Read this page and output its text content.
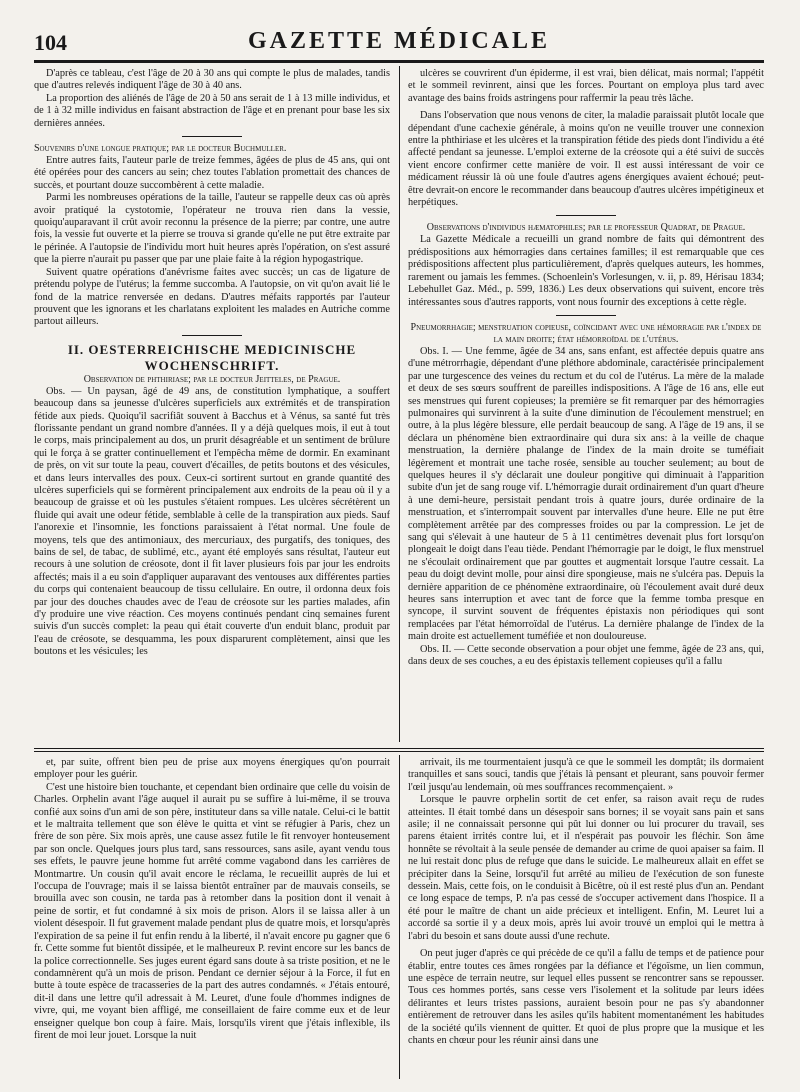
104	GAZETTE MÉDICALE

D'après ce tableau, c'est l'âge de 20 à 30 ans qui compte le plus de malades, tandis que d'autres relevés indiquent l'âge de 30 à 40 ans.

La proportion des aliénés de l'âge de 20 à 50 ans serait de 1 à 13 mille individus, et de 1 à 32 mille individus en faisant abstraction de l'âge et en prenant pour base les six dernières années.

Souvenirs d'une longue pratique; par le docteur Buchmuller.

Entre autres faits, l'auteur parle de treize femmes, âgées de plus de 45 ans, qui ont été opérées pour des cancers au sein; chez toutes l'ablation promettait des chances de succès, et pourtant douze succombèrent à cette maladie.

Parmi les nombreuses opérations de la taille, l'auteur se rappelle deux cas où après avoir pratiqué la cystotomie, l'opérateur ne trouva rien dans la vessie, quoiqu'auparavant il crût avoir reconnu la présence de la pierre; par contre, une autre fois, la vessie fut ouverte et la pierre se trouva si grande qu'elle ne put être extraite par le périnée. A l'autopsie de l'individu mort huit heures après l'opération, on s'est assuré que la pierre n'aurait pu passer que par une plaie faite à la région hypogastrique.

Suivent quatre opérations d'anévrisme faites avec succès; un cas de ligature de prétendu polype de l'utérus; la femme succomba. A l'autopsie, on vit qu'on avait lié le fond de la matrice renversée en dedans. D'autres méfaits rapportés par l'auteur prouvent que les ignorans et les charlatans exploitent les malades en Autriche comme partout ailleurs.

II. OESTERREICHISCHE MEDICINISCHE WOCHENSCHRIFT.

Observation de phthiriase; par le docteur Jeitteles, de Prague.

Obs. — Un paysan, âgé de 49 ans, de constitution lymphatique, a souffert beaucoup dans sa jeunesse d'ulcères superficiels aux extrémités et de transpiration fétide aux pieds. Quoiqu'il sacrifiât souvent à Bacchus et à Vénus, sa santé fut très florissante pendant un grand nombre d'années. Il y a déjà quelques mois, il eut à tout le corps, mais principalement au dos, un prurit désagréable et un sentiment de brûlure qui le força à se gratter continuellement et l'empêcha même de dormir. En examinant de près, on vit sur toute la peau, couvert d'écailles, de petits boutons et des vésicules, et dans leurs intervalles des poux. Ceux-ci sortirent surtout en grande quantité des ulcères superficiels qui se formèrent principalement aux endroits de la peau où il y a beaucoup de graisse et où les pustules s'étaient rompues. Les ulcères sécrétèrent un fluide qui avait une odeur fétide, semblable à celle de la transpiration aux pieds. Sauf l'anorexie et l'insomnie, les fonctions paraissaient à l'état normal. Une foule de moyens, tels que des antimoniaux, des mercuriaux, des purgatifs, des toniques, des bains de sel, de tabac, de sublimé, etc., ayant été employés sans résultat, l'auteur eut recours à une solution de créosote, dont il fit laver plusieurs fois par jour les endroits affectés; mais il a eu soin d'appliquer auparavant des ventouses aux différentes parties du corps qui contenaient beaucoup de tissu cellulaire. En outre, il ordonna deux fois par jour des douches chaudes avec de l'eau de créosote sur les parties malades, afin d'y produire une vive réaction. Ces moyens continués pendant cinq semaines furent suivis d'un succès complet: la peau qui était couverte d'un enduit blanc, produit par l'eau de créosote, se desquamma, les poux disparurent complètement, ainsi que les boutons et les vésicules; les

ulcères se couvrirent d'un épiderme, il est vrai, bien délicat, mais normal; l'appétit et le sommeil revinrent, ainsi que les forces. Pourtant on employa plus tard avec avantage des bains froids astringens pour raffermir la peau très lâche.

Dans l'observation que nous venons de citer, la maladie paraissait plutôt locale que dépendant d'une cachexie générale, à moins qu'on ne veuille trouver une connexion entre la phthiriase et les ulcères et la transpiration fétide des pieds dont l'individu a été affecté pendant sa jeunesse. L'emploi externe de la créosote qui a été suivi de succès vient encore confirmer cette manière de voir. Il est aussi intéressant de voir ce médicament réussir là où une foule d'autres agens énergiques avaient échoué; peut-être devrait-on encore le recommander dans beaucoup d'autres ulcères impétigineux et herpétiques.

Observations d'individus hæmatophiles; par le professeur Quadrat, de Prague.

La Gazette Médicale a recueilli un grand nombre de faits qui démontrent des prédispositions aux hémorragies dans certaines familles; il est remarquable que ces prédispositions affectent plus particulièrement, d'après quelques auteurs, les hommes, rarement ou jamais les femmes. (Schoenlein's Vorlesungen, v. ii, p. 89, Hérisau 1834; Lebehullet Gaz. Méd., p. 599, 1836.) Les deux observations qui suivent, encore très intéressantes sous d'autres rapports, vont nous fournir des exceptions à cette règle.

Pneumorrhagie; menstruation copieuse, coïncidant avec une hémorragie par l'index de la main droite; état hémorroïdal de l'utérus.

Obs. I. — Une femme, âgée de 34 ans, sans enfant, est affectée depuis quatre ans d'une métrorrhagie, dépendant d'une pléthore abdominale, caractérisée principalement par une turgescence des veines du rectum et du col de l'utérus. La mère de la malade et deux de ses sœurs souffrent de pareilles indispositions. A l'âge de 16 ans, elle eut ses menstrues qui furent copieuses; la première se fit remarquer par des hémorragies pulmonaires qui survinrent à la suite d'une diminution de l'écoulement menstruel; en outre, à la plus légère blessure, elle perdait beaucoup de sang. A l'âge de 19 ans, il se déclara un phénomène bien extraordinaire qui dura six ans: à la veille de chaque menstruation, la dernière phalange de l'index de la main droite se tuméfiait légèrement et montrait une tache rosée, sensible au toucher seulement; au bout de quelques heures il s'y déclarait une douleur pongitive qui diminuait à l'apparition subite d'un jet de sang rouge vif. L'hémorragie durait ordinairement d'un quart d'heure à une demi-heure, persistait pendant trois à quatre jours, durée ordinaire de la menstruation, et s'interrompait souvent par intervalles d'une heure. Elle ne put être complètement arrêtée par des compresses froides ou par la compression. Le jet de sang qui s'élevait à une hauteur de 5 à 11 centimètres devenait plus fort lorsqu'on plongeait le doigt dans l'eau tiède. Pendant l'hémorragie par le doigt, le flux menstruel ne s'écoulait ordinairement que par gouttes et augmentait lorsque l'autre cessait. La peau du doigt devint molle, pour ainsi dire spongieuse, mais ne s'ulcéra pas. Depuis la dernière apparition de ce phénomène extraordinaire, où l'écoulement avait duré deux heures sans interruption et avec tant de force que la femme tomba presque en syncope, il survint souvent de fréquentes épistaxis non périodiques qui sont remplacées par l'état hémorroïdal de l'utérus. La dernière phalange de l'index de la main droite est actuellement tuméfiée et non douloureuse.

Obs. II. — Cette seconde observation a pour objet une femme, âgée de 23 ans, qui, dans deux de ses couches, a eu des épistaxis tellement copieuses qu'il a fallu

et, par suite, offrent bien peu de prise aux moyens énergiques qu'on pourrait employer pour les guérir.

C'est une histoire bien touchante, et cependant bien ordinaire que celle du voisin de Charles. Orphelin avant l'âge auquel il aurait pu se suffire à lui-même, il se trouva confié aux soins d'un ami de son père, instituteur dans sa ville natale. Celui-ci le battit et le maltraita tellement que son élève le quitta et vint se réfugier à Paris, chez un frère de son père. Six mois après, une cause assez futile le fit renvoyer honteusement par son oncle. Quelques jours plus tard, sans ressources, sans asile, ayant vendu tous ses effets, le pauvre jeune homme fut arrêté comme vagabond dans les carrières de Montmartre. Un cousin qu'il avait encore le réclama, le recueillit auprès de lui et l'occupa de l'ouvrage; mais il se laissa bientôt entraîner par de mauvais conseils, se brouilla avec son cousin, ne tarda pas à retomber dans la position dont il venait à peine de sortir, et fut condamné à six mois de prison. Alors il se laissa aller à un violent désespoir. Il fut gravement malade pendant plus de quatre mois, et lorsqu'après l'expiration de sa peine il fut enfin rendu à la liberté, il n'avait encore pu gagner que 6 fr. Cette somme fut bientôt dissipée, et le malheureux P. revint encore sur les bancs de la police correctionnelle. Ses juges eurent égard sans doute à sa triste position, et ne le condamnèrent qu'à un mois de prison. Pendant ce dernier séjour à la Force, il fut en butte à toute espèce de tracasseries de la part des autres condamnés. « J'étais entouré, dit-il dans une lettre qu'il adressait à M. Leuret, d'une foule d'hommes indignes de vivre, qui, me voyant bien affligé, me conseillaient de faire comme eux et de leur enseigner quelque bon coup à faire. Mais, lorsqu'ils virent que j'étais inflexible, ils firent de moi leur jouet. Lorsque la nuit

arrivait, ils me tourmentaient jusqu'à ce que le sommeil les domptât; ils dormaient tranquilles et sans souci, tandis que j'étais là pensant et pleurant, sans pouvoir fermer l'œil jusqu'au lendemain, où mes souffrances recommençaient. »

Lorsque le pauvre orphelin sortit de cet enfer, sa raison avait reçu de rudes atteintes. Il était tombé dans un désespoir sans bornes; il se voyait sans pain et sans asile; il ne connaissait personne qui pût lui donner ou lui procurer du travail, ses parens étaient irrités contre lui, et il n'espérait pas pouvoir les fléchir. Son âme honnête se révoltait à la seule pensée de demander au crime de quoi apaiser sa faim. Il ne lui restait donc plus de refuge que dans le suicide. Le malheureux allait en effet se précipiter dans la Seine, lorsqu'il fut arrêté au milieu de l'exécution de son funeste dessein. Mais, cette fois, on le conduisit à Bicêtre, où il est resté plus d'un an. Pendant ce long espace de temps, P. n'a pas cessé de s'occuper activement dans l'hospice. Il a été pour le maître de chant un aide précieux et intelligent. Enfin, M. Leuret lui a accordé sa sortie il y a deux mois, après lui avoir trouvé un emploi qui le mettra à l'abri du besoin et sans doute aussi d'une rechute.

On peut juger d'après ce qui précède de ce qu'il a fallu de temps et de patience pour établir, entre toutes ces âmes rongées par la défiance et l'égoïsme, un lien commun, une espèce de terrain neutre, sur lequel elles pussent se rencontrer sans se repousser. Tous ces hommes portés, sans cesse vers l'isolement et la solitude par leurs idées délirantes et leurs tristes passions, auraient besoin pour ne pas s'y abandonner entièrement de retrouver dans les asiles qu'ils habitent momentanément les habitudes de la société qu'ils viennent de quitter. Et quoi de plus propre que la musique et les chants en chœur pour les réunir ainsi dans une
